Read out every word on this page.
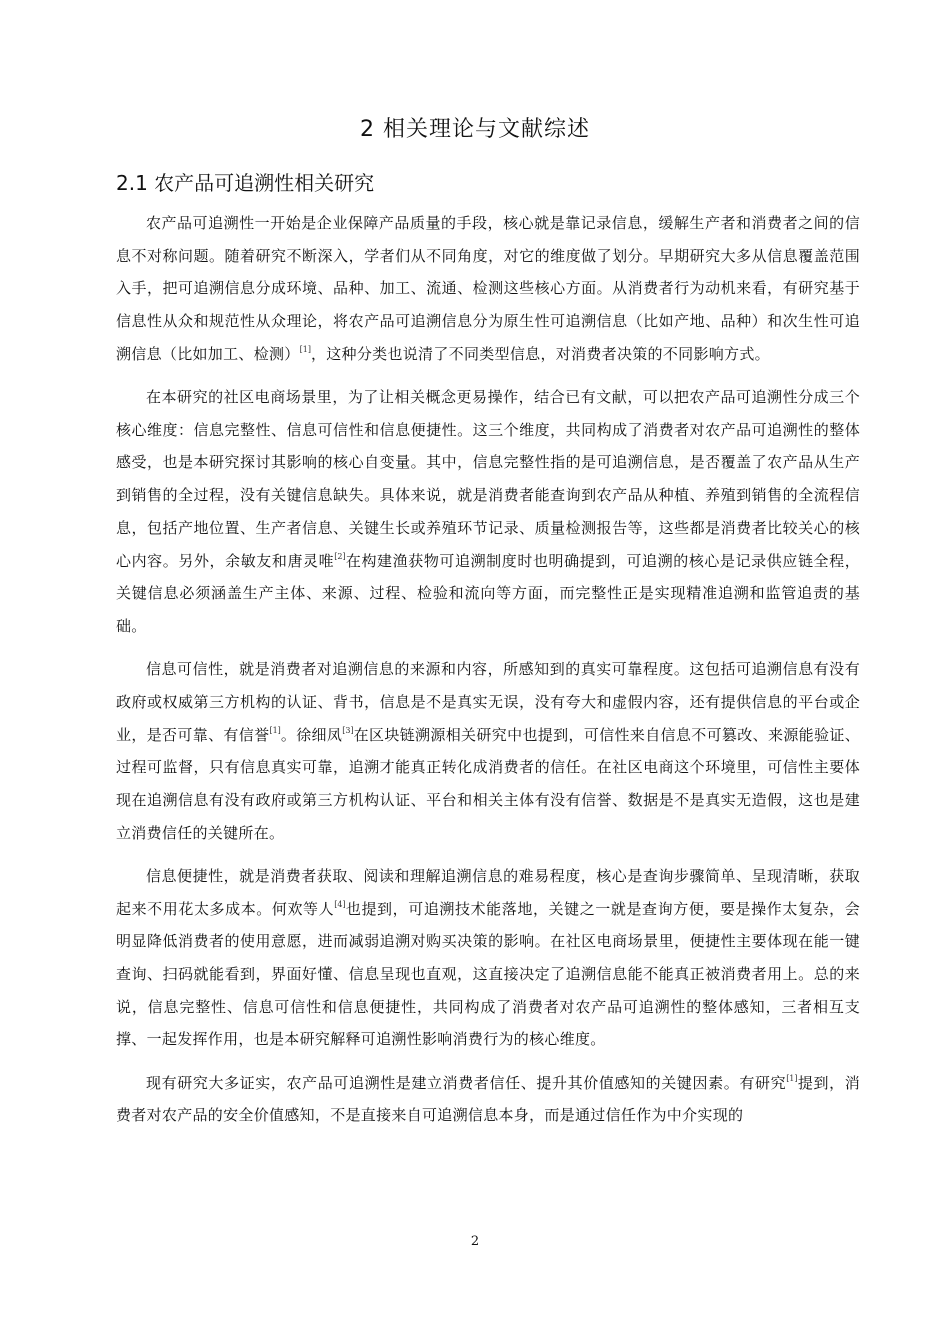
2 相关理论与文献综述
2.1 农产品可追溯性相关研究

农产品可追溯性一开始是企业保障产品质量的手段，核心就是靠记录信息，缓解生产者和消费者之间的信息不对称问题。随着研究不断深入，学者们从不同角度，对它的维度做了划分。早期研究大多从信息覆盖范围入手，把可追溯信息分成环境、品种、加工、流通、检测这些核心方面。从消费者行为动机来看，有研究基于信息性从众和规范性从众理论，将农产品可追溯信息分为原生性可追溯信息（比如产地、品种）和次生性可追溯信息（比如加工、检测）[1]，这种分类也说清了不同类型信息，对消费者决策的不同影响方式。

在本研究的社区电商场景里，为了让相关概念更易操作，结合已有文献，可以把农产品可追溯性分成三个核心维度：信息完整性、信息可信性和信息便捷性。这三个维度，共同构成了消费者对农产品可追溯性的整体感受，也是本研究探讨其影响的核心自变量。其中，信息完整性指的是可追溯信息，是否覆盖了农产品从生产到销售的全过程，没有关键信息缺失。具体来说，就是消费者能查询到农产品从种植、养殖到销售的全流程信息，包括产地位置、生产者信息、关键生长或养殖环节记录、质量检测报告等，这些都是消费者比较关心的核心内容。另外，余敏友和唐灵唯[2]在构建渔获物可追溯制度时也明确提到，可追溯的核心是记录供应链全程，关键信息必须涵盖生产主体、来源、过程、检验和流向等方面，而完整性正是实现精准追溯和监管追责的基础。

信息可信性，就是消费者对追溯信息的来源和内容，所感知到的真实可靠程度。这包括可追溯信息有没有政府或权威第三方机构的认证、背书，信息是不是真实无误，没有夸大和虚假内容，还有提供信息的平台或企业，是否可靠、有信誉[1]。徐细凤[3]在区块链溯源相关研究中也提到，可信性来自信息不可篡改、来源能验证、过程可监督，只有信息真实可靠，追溯才能真正转化成消费者的信任。在社区电商这个环境里，可信性主要体现在追溯信息有没有政府或第三方机构认证、平台和相关主体有没有信誉、数据是不是真实无造假，这也是建立消费信任的关键所在。

信息便捷性，就是消费者获取、阅读和理解追溯信息的难易程度，核心是查询步骤简单、呈现清晰，获取起来不用花太多成本。何欢等人[4]也提到，可追溯技术能落地，关键之一就是查询方便，要是操作太复杂，会明显降低消费者的使用意愿，进而减弱追溯对购买决策的影响。在社区电商场景里，便捷性主要体现在能一键查询、扫码就能看到，界面好懂、信息呈现也直观，这直接决定了追溯信息能不能真正被消费者用上。总的来说，信息完整性、信息可信性和信息便捷性，共同构成了消费者对农产品可追溯性的整体感知，三者相互支撑、一起发挥作用，也是本研究解释可追溯性影响消费行为的核心维度。

现有研究大多证实，农产品可追溯性是建立消费者信任、提升其价值感知的关键因素。有研究[1]提到，消费者对农产品的安全价值感知，不是直接来自可追溯信息本身，而是通过信任作为中介实现的

2
